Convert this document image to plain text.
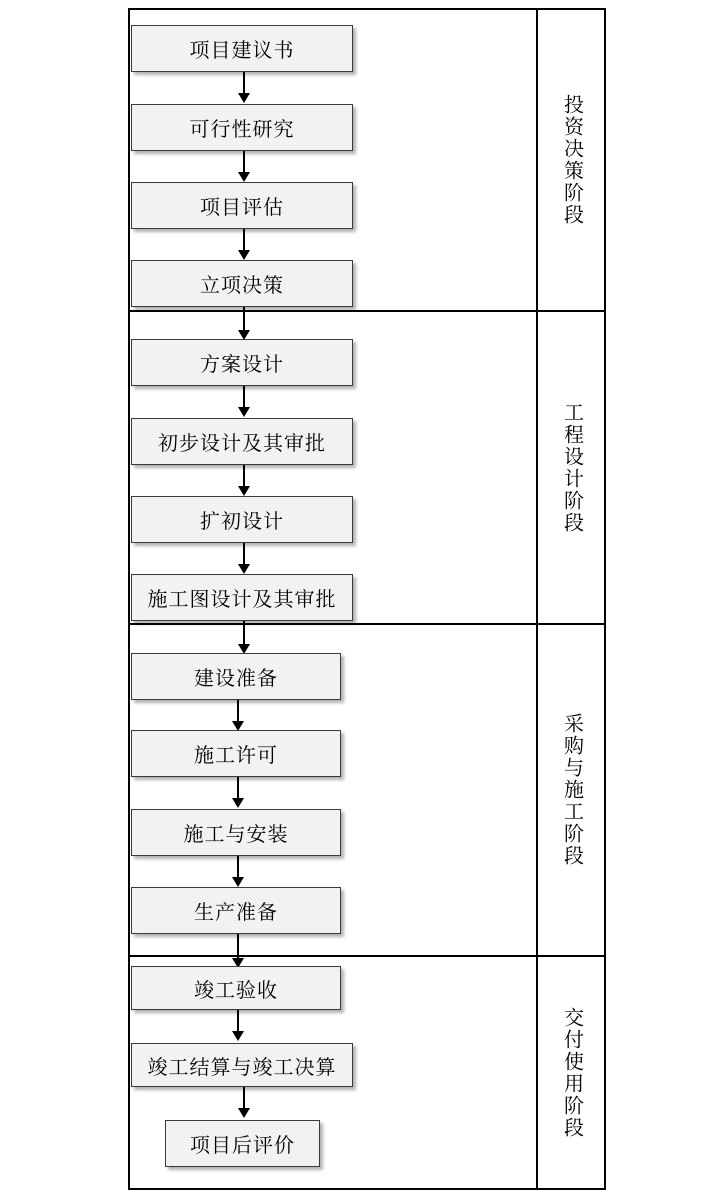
项目建议书
可行性研究
项目评估
立项决策
方案设计
初步设计及其审批
扩初设计
施工图设计及其审批
建设准备
施工许可
施工与安装
生产准备
竣工验收
竣工结算与竣工决算
项目后评价
投资决策阶段
工程设计阶段
采购与施工阶段
交付使用阶段
